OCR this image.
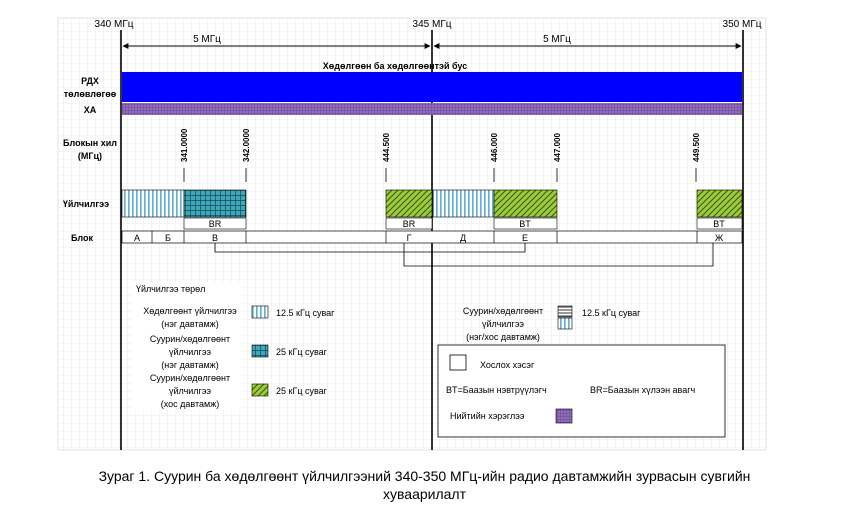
340 МГц	345 МГц	350 МГц
5 МГц	5 МГц
Хөдөлгөөн ба хөдөлгөөнтэй бус
РДХ
төлөвлөгөө
ХА
Блокын хил
(МГц)	341.0000	342.0000	444.500	446.000	447.000	449.500
Үйлчилгээ
BR	BR	BT	BT
Блок	А	Б	В	Г	Д	Е	Ж
Үйлчилгээ төрөл
Хөдөлгөөнт үйлчилгээ
(нэг давтамж)
12.5 кГц суваг
Суурин/хөдөлгөөнт
үйлчилгээ
(нэг давтамж)
25 кГц суваг
Суурин/хөдөлгөөнт
үйлчилгээ
(хос давтамж)
25 кГц суваг
Суурин/хөдөлгөөнт
үйлчилгээ
(нэг/хос давтамж)
12.5 кГц суваг
Хослох хэсэг
BT=Баазын нэвтрүүлэгч	BR=Баазын хүлээн авагч
Нийтийн хэрэглээ
Зураг 1. Суурин ба хөдөлгөөнт үйлчилгээний 340-350 МГц-ийн радио давтамжийн зурвасын сувгийн
хуваарилалт
